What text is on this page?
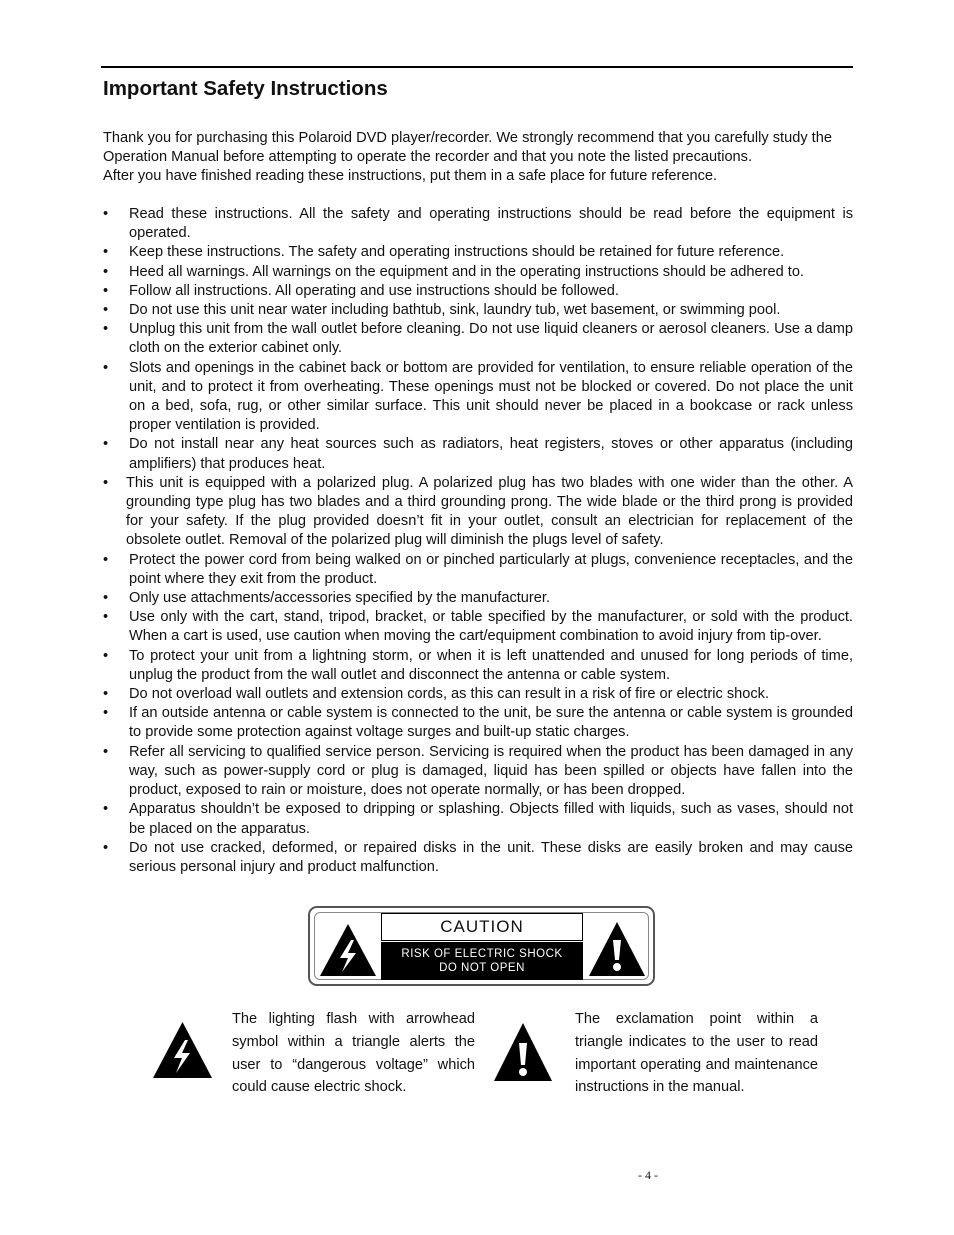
Important Safety Instructions

Thank you for purchasing this Polaroid DVD player/recorder. We strongly recommend that you carefully study the Operation Manual before attempting to operate the recorder and that you note the listed precautions.

After you have finished reading these instructions, put them in a safe place for future reference.

• Read these instructions. All the safety and operating instructions should be read before the equipment is operated.
• Keep these instructions. The safety and operating instructions should be retained for future reference.
• Heed all warnings. All warnings on the equipment and in the operating instructions should be adhered to.
• Follow all instructions. All operating and use instructions should be followed.
• Do not use this unit near water including bathtub, sink, laundry tub, wet basement, or swimming pool.
• Unplug this unit from the wall outlet before cleaning. Do not use liquid cleaners or aerosol cleaners. Use a damp cloth on the exterior cabinet only.
• Slots and openings in the cabinet back or bottom are provided for ventilation, to ensure reliable operation of the unit, and to protect it from overheating. These openings must not be blocked or covered. Do not place the unit on a bed, sofa, rug, or other similar surface. This unit should never be placed in a bookcase or rack unless proper ventilation is provided.
• Do not install near any heat sources such as radiators, heat registers, stoves or other apparatus (including amplifiers) that produces heat.
• This unit is equipped with a polarized plug. A polarized plug has two blades with one wider than the other. A grounding type plug has two blades and a third grounding prong. The wide blade or the third prong is provided for your safety. If the plug provided doesn’t fit in your outlet, consult an electrician for replacement of the obsolete outlet. Removal of the polarized plug will diminish the plugs level of safety.
• Protect the power cord from being walked on or pinched particularly at plugs, convenience receptacles, and the point where they exit from the product.
• Only use attachments/accessories specified by the manufacturer.
• Use only with the cart, stand, tripod, bracket, or table specified by the manufacturer, or sold with the product. When a cart is used, use caution when moving the cart/equipment combination to avoid injury from tip-over.
• To protect your unit from a lightning storm, or when it is left unattended and unused for long periods of time, unplug the product from the wall outlet and disconnect the antenna or cable system.
• Do not overload wall outlets and extension cords, as this can result in a risk of fire or electric shock.
• If an outside antenna or cable system is connected to the unit, be sure the antenna or cable system is grounded to provide some protection against voltage surges and built-up static charges.
• Refer all servicing to qualified service person. Servicing is required when the product has been damaged in any way, such as power-supply cord or plug is damaged, liquid has been spilled or objects have fallen into the product, exposed to rain or moisture, does not operate normally, or has been dropped.
• Apparatus shouldn’t be exposed to dripping or splashing. Objects filled with liquids, such as vases, should not be placed on the apparatus.
• Do not use cracked, deformed, or repaired disks in the unit. These disks are easily broken and may cause serious personal injury and product malfunction.
CAUTION
RISK OF ELECTRIC SHOCK
DO NOT OPEN
The lighting flash with arrowhead symbol within a triangle alerts the user to “dangerous voltage” which could cause electric shock.
The exclamation point within a triangle indicates to the user to read important operating and maintenance instructions in the manual.
- 4 -
